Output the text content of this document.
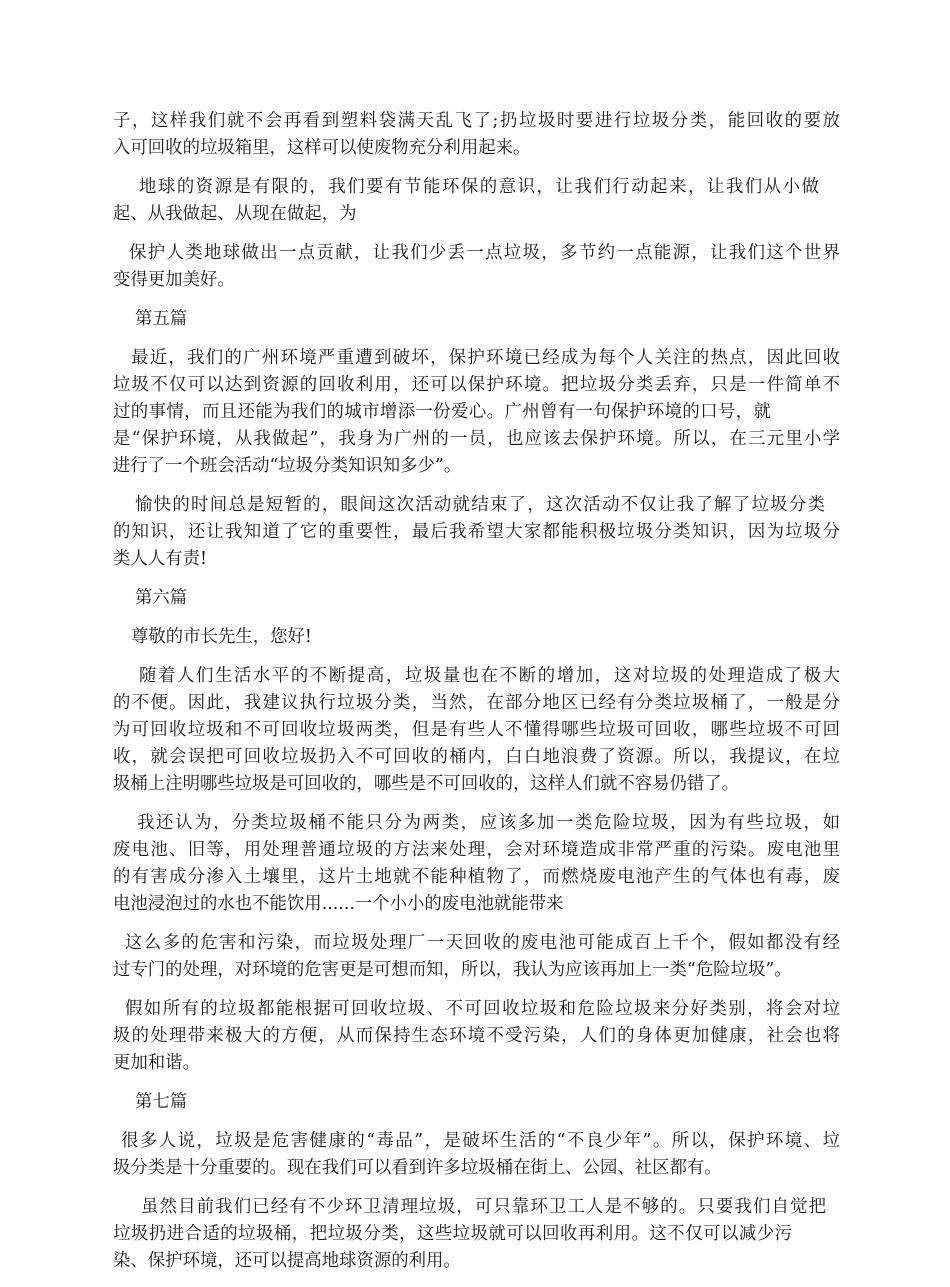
子，这样我们就不会再看到塑料袋满天乱飞了;扔垃圾时要进行垃圾分类，能回收的要放
入可回收的垃圾箱里，这样可以使废物充分利用起来。

地球的资源是有限的，我们要有节能环保的意识，让我们行动起来，让我们从小做
起、从我做起、从现在做起，为

保护人类地球做出一点贡献，让我们少丢一点垃圾，多节约一点能源，让我们这个世界
变得更加美好。

第五篇

最近，我们的广州环境严重遭到破坏，保护环境已经成为每个人关注的热点，因此回收
垃圾不仅可以达到资源的回收利用，还可以保护环境。把垃圾分类丢弃，只是一件简单不
过的事情，而且还能为我们的城市增添一份爱心。广州曾有一句保护环境的口号，就
是“保护环境，从我做起”，我身为广州的一员，也应该去保护环境。所以，在三元里小学
进行了一个班会活动“垃圾分类知识知多少”。

愉快的时间总是短暂的，眼间这次活动就结束了，这次活动不仅让我了解了垃圾分类
的知识，还让我知道了它的重要性，最后我希望大家都能积极垃圾分类知识，因为垃圾分
类人人有责!

第六篇

尊敬的市长先生，您好!

随着人们生活水平的不断提高，垃圾量也在不断的增加，这对垃圾的处理造成了极大
的不便。因此，我建议执行垃圾分类，当然，在部分地区已经有分类垃圾桶了，一般是分
为可回收垃圾和不可回收垃圾两类，但是有些人不懂得哪些垃圾可回收，哪些垃圾不可回
收，就会误把可回收垃圾扔入不可回收的桶内，白白地浪费了资源。所以，我提议，在垃
圾桶上注明哪些垃圾是可回收的，哪些是不可回收的，这样人们就不容易仍错了。

我还认为，分类垃圾桶不能只分为两类，应该多加一类危险垃圾，因为有些垃圾，如
废电池、旧等，用处理普通垃圾的方法来处理，会对环境造成非常严重的污染。废电池里
的有害成分渗入土壤里，这片土地就不能种植物了，而燃烧废电池产生的气体也有毒，废
电池浸泡过的水也不能饮用......一个小小的废电池就能带来

这么多的危害和污染，而垃圾处理厂一天回收的废电池可能成百上千个，假如都没有经
过专门的处理，对环境的危害更是可想而知，所以，我认为应该再加上一类“危险垃圾”。

假如所有的垃圾都能根据可回收垃圾、不可回收垃圾和危险垃圾来分好类别，将会对垃
圾的处理带来极大的方便，从而保持生态环境不受污染，人们的身体更加健康，社会也将
更加和谐。

第七篇

很多人说，垃圾是危害健康的“毒品”，是破坏生活的“不良少年”。所以，保护环境、垃
圾分类是十分重要的。现在我们可以看到许多垃圾桶在街上、公园、社区都有。

虽然目前我们已经有不少环卫清理垃圾，可只靠环卫工人是不够的。只要我们自觉把
垃圾扔进合适的垃圾桶，把垃圾分类，这些垃圾就可以回收再利用。这不仅可以减少污
染、保护环境，还可以提高地球资源的利用。
